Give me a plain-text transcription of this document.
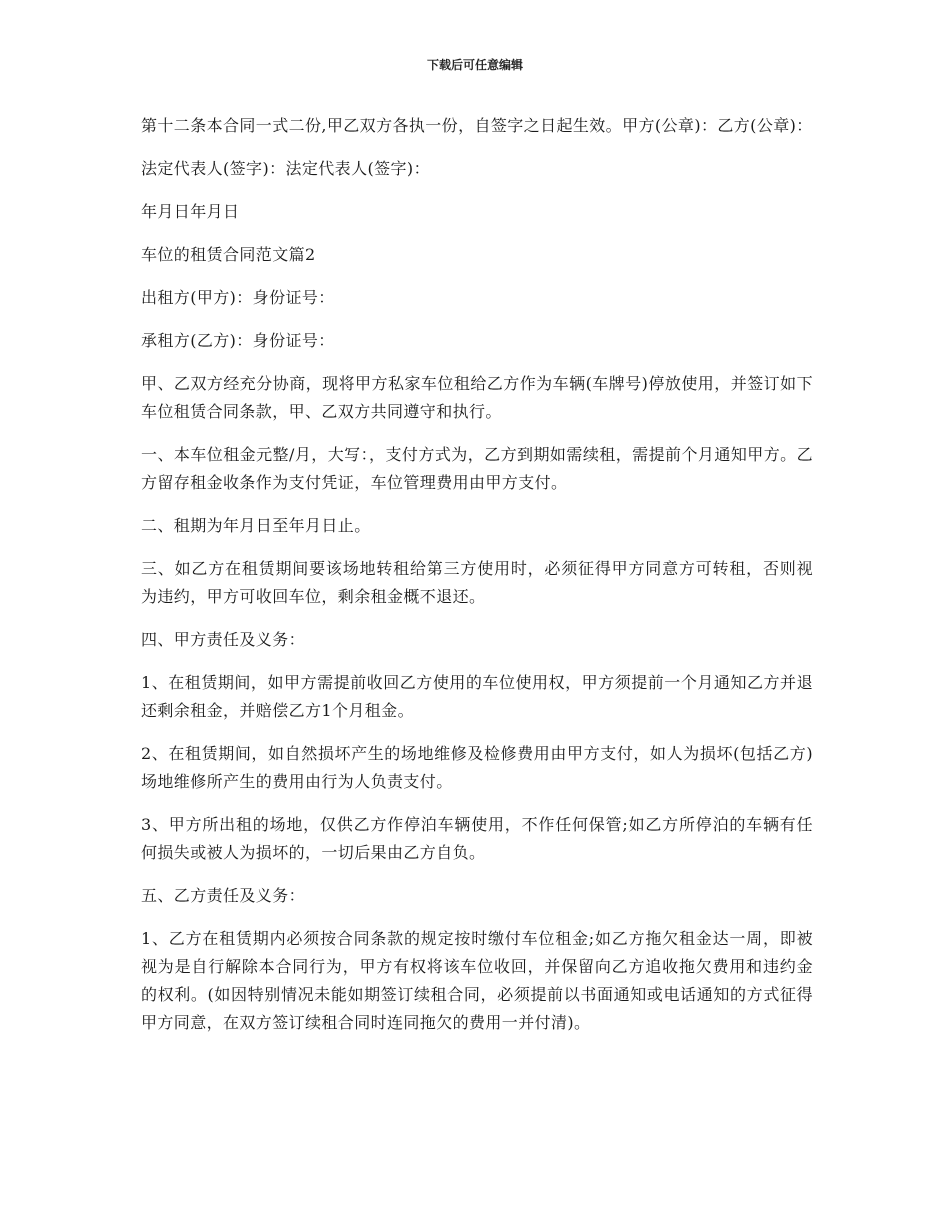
下载后可任意编辑

第十二条本合同一式二份,甲乙双方各执一份，自签字之日起生效。甲方(公章)：乙方(公章)：

法定代表人(签字)：法定代表人(签字)：

年月日年月日

车位的租赁合同范文篇2

出租方(甲方)：身份证号：

承租方(乙方)：身份证号：

甲、乙双方经充分协商，现将甲方私家车位租给乙方作为车辆(车牌号)停放使用，并签订如下车位租赁合同条款，甲、乙双方共同遵守和执行。

一、本车位租金元整/月，大写：，支付方式为，乙方到期如需续租，需提前个月通知甲方。乙方留存租金收条作为支付凭证，车位管理费用由甲方支付。

二、租期为年月日至年月日止。

三、如乙方在租赁期间要该场地转租给第三方使用时，必须征得甲方同意方可转租，否则视为违约，甲方可收回车位，剩余租金概不退还。

四、甲方责任及义务：

1、在租赁期间，如甲方需提前收回乙方使用的车位使用权，甲方须提前一个月通知乙方并退还剩余租金，并赔偿乙方1个月租金。

2、在租赁期间，如自然损坏产生的场地维修及检修费用由甲方支付，如人为损坏(包括乙方)场地维修所产生的费用由行为人负责支付。

3、甲方所出租的场地，仅供乙方作停泊车辆使用，不作任何保管;如乙方所停泊的车辆有任何损失或被人为损坏的，一切后果由乙方自负。

五、乙方责任及义务：

1、乙方在租赁期内必须按合同条款的规定按时缴付车位租金;如乙方拖欠租金达一周，即被视为是自行解除本合同行为，甲方有权将该车位收回，并保留向乙方追收拖欠费用和违约金的权利。(如因特别情况未能如期签订续租合同，必须提前以书面通知或电话通知的方式征得甲方同意，在双方签订续租合同时连同拖欠的费用一并付清)。
